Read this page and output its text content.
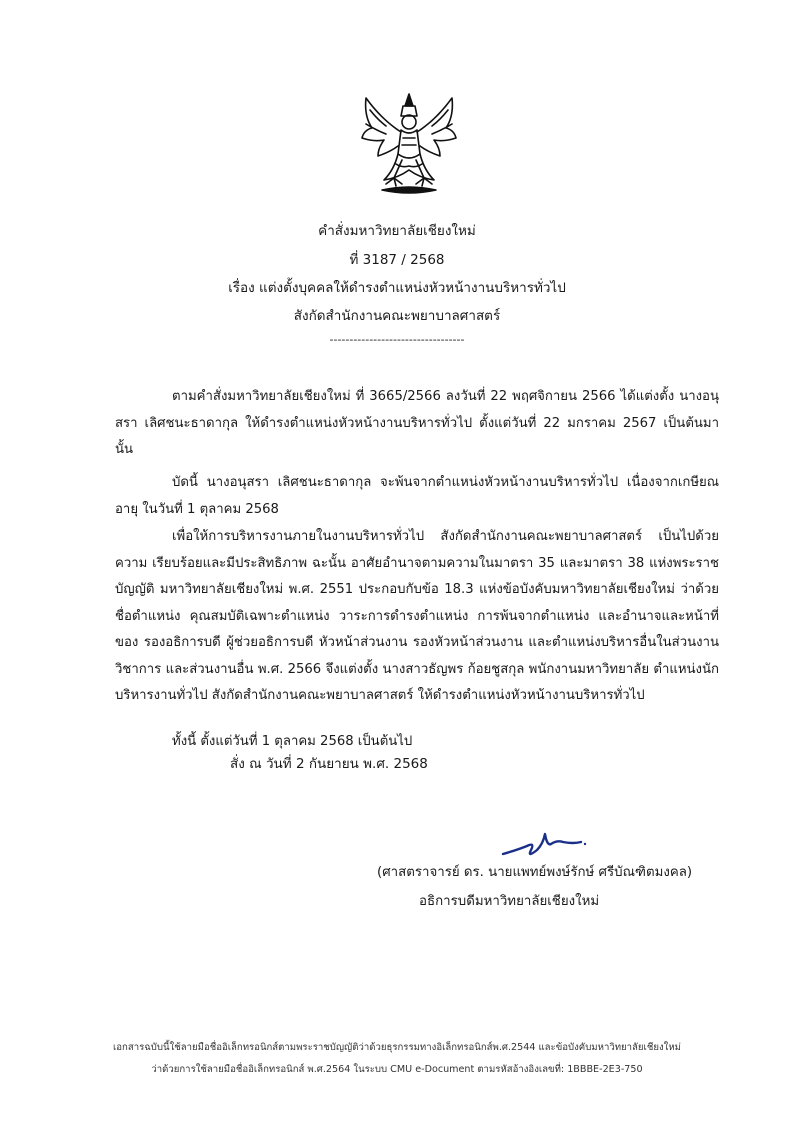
คำสั่งมหาวิทยาลัยเชียงใหม่
ที่ 3187 / 2568
เรื่อง แต่งตั้งบุคคลให้ดำรงตำแหน่งหัวหน้างานบริหารทั่วไป
สังกัดสำนักงานคณะพยาบาลศาสตร์
----------------------------------

ตามคำสั่งมหาวิทยาลัยเชียงใหม่ ที่ 3665/2566 ลงวันที่ 22 พฤศจิกายน 2566 ได้แต่งตั้ง นางอนุสรา เลิศชนะธาดากุล ให้ดำรงตำแหน่งหัวหน้างานบริหารทั่วไป ตั้งแต่วันที่ 22 มกราคม 2567 เป็นต้นมา นั้น

บัดนี้ นางอนุสรา เลิศชนะธาดากุล จะพ้นจากตำแหน่งหัวหน้างานบริหารทั่วไป เนื่องจากเกษียณอายุ ในวันที่ 1 ตุลาคม 2568

เพื่อให้การบริหารงานภายในงานบริหารทั่วไป สังกัดสำนักงานคณะพยาบาลศาสตร์ เป็นไปด้วยความ เรียบร้อยและมีประสิทธิภาพ ฉะนั้น อาศัยอำนาจตามความในมาตรา 35 และมาตรา 38 แห่งพระราชบัญญัติ มหาวิทยาลัยเชียงใหม่ พ.ศ. 2551 ประกอบกับข้อ 18.3 แห่งข้อบังคับมหาวิทยาลัยเชียงใหม่ ว่าด้วยชื่อตำแหน่ง คุณสมบัติเฉพาะตำแหน่ง วาระการดำรงตำแหน่ง การพ้นจากตำแหน่ง และอำนาจและหน้าที่ของ รองอธิการบดี ผู้ช่วยอธิการบดี หัวหน้าส่วนงาน รองหัวหน้าส่วนงาน และตำแหน่งบริหารอื่นในส่วนงานวิชาการ และส่วนงานอื่น พ.ศ. 2566 จึงแต่งตั้ง นางสาวธัญพร ก้อยชูสกุล พนักงานมหาวิทยาลัย ตำแหน่งนักบริหารงานทั่วไป สังกัดสำนักงานคณะพยาบาลศาสตร์ ให้ดำรงตำแหน่งหัวหน้างานบริหารทั่วไป

ทั้งนี้ ตั้งแต่วันที่ 1 ตุลาคม 2568 เป็นต้นไป

สั่ง ณ วันที่ 2 กันยายน พ.ศ. 2568
(ศาสตราจารย์ ดร. นายแพทย์พงษ์รักษ์ ศรีบัณฑิตมงคล)
อธิการบดีมหาวิทยาลัยเชียงใหม่
เอกสารฉบับนี้ใช้ลายมือชื่ออิเล็กทรอนิกส์ตามพระราชบัญญัติว่าด้วยธุรกรรมทางอิเล็กทรอนิกส์พ.ศ.2544 และข้อบังคับมหาวิทยาลัยเชียงใหม่
ว่าด้วยการใช้ลายมือชื่ออิเล็กทรอนิกส์ พ.ศ.2564 ในระบบ CMU e-Document ตามรหัสอ้างอิงเลขที่: 1BBBE-2E3-750
